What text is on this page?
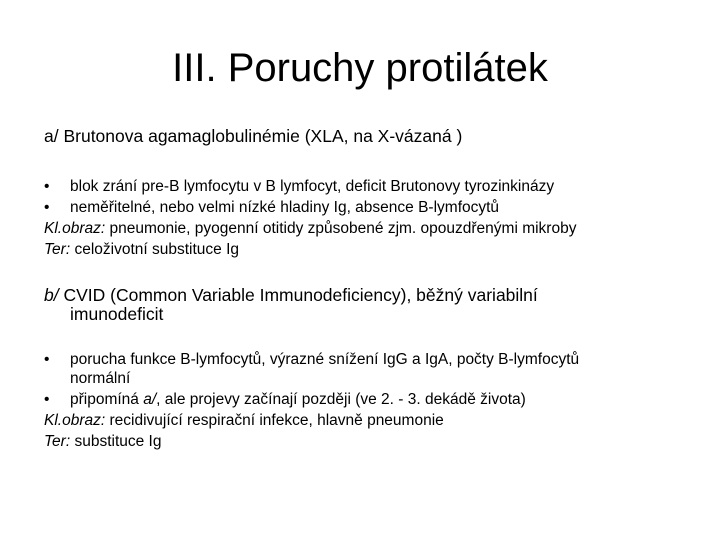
III. Poruchy protilátek
a/ Brutonova agamaglobulinémie (XLA, na X-vázaná )
• blok zrání pre-B lymfocytu v B lymfocyt, deficit Brutonovy tyrozinkinázy
• neměřitelné, nebo velmi nízké hladiny Ig, absence B-lymfocytů
Kl.obraz: pneumonie, pyogenní otitidy způsobené zjm. opouzdřenými mikroby
Ter: celoživotní substituce Ig
b/ CVID (Common Variable Immunodeficiency), běžný variabilní
imunodeficit
• porucha funkce B-lymfocytů, výrazné snížení IgG a IgA, počty B-lymfocytů
normální
• připomíná a/, ale projevy začínají později (ve 2. - 3. dekádě života)
Kl.obraz: recidivující respirační infekce, hlavně pneumonie
Ter: substituce Ig
